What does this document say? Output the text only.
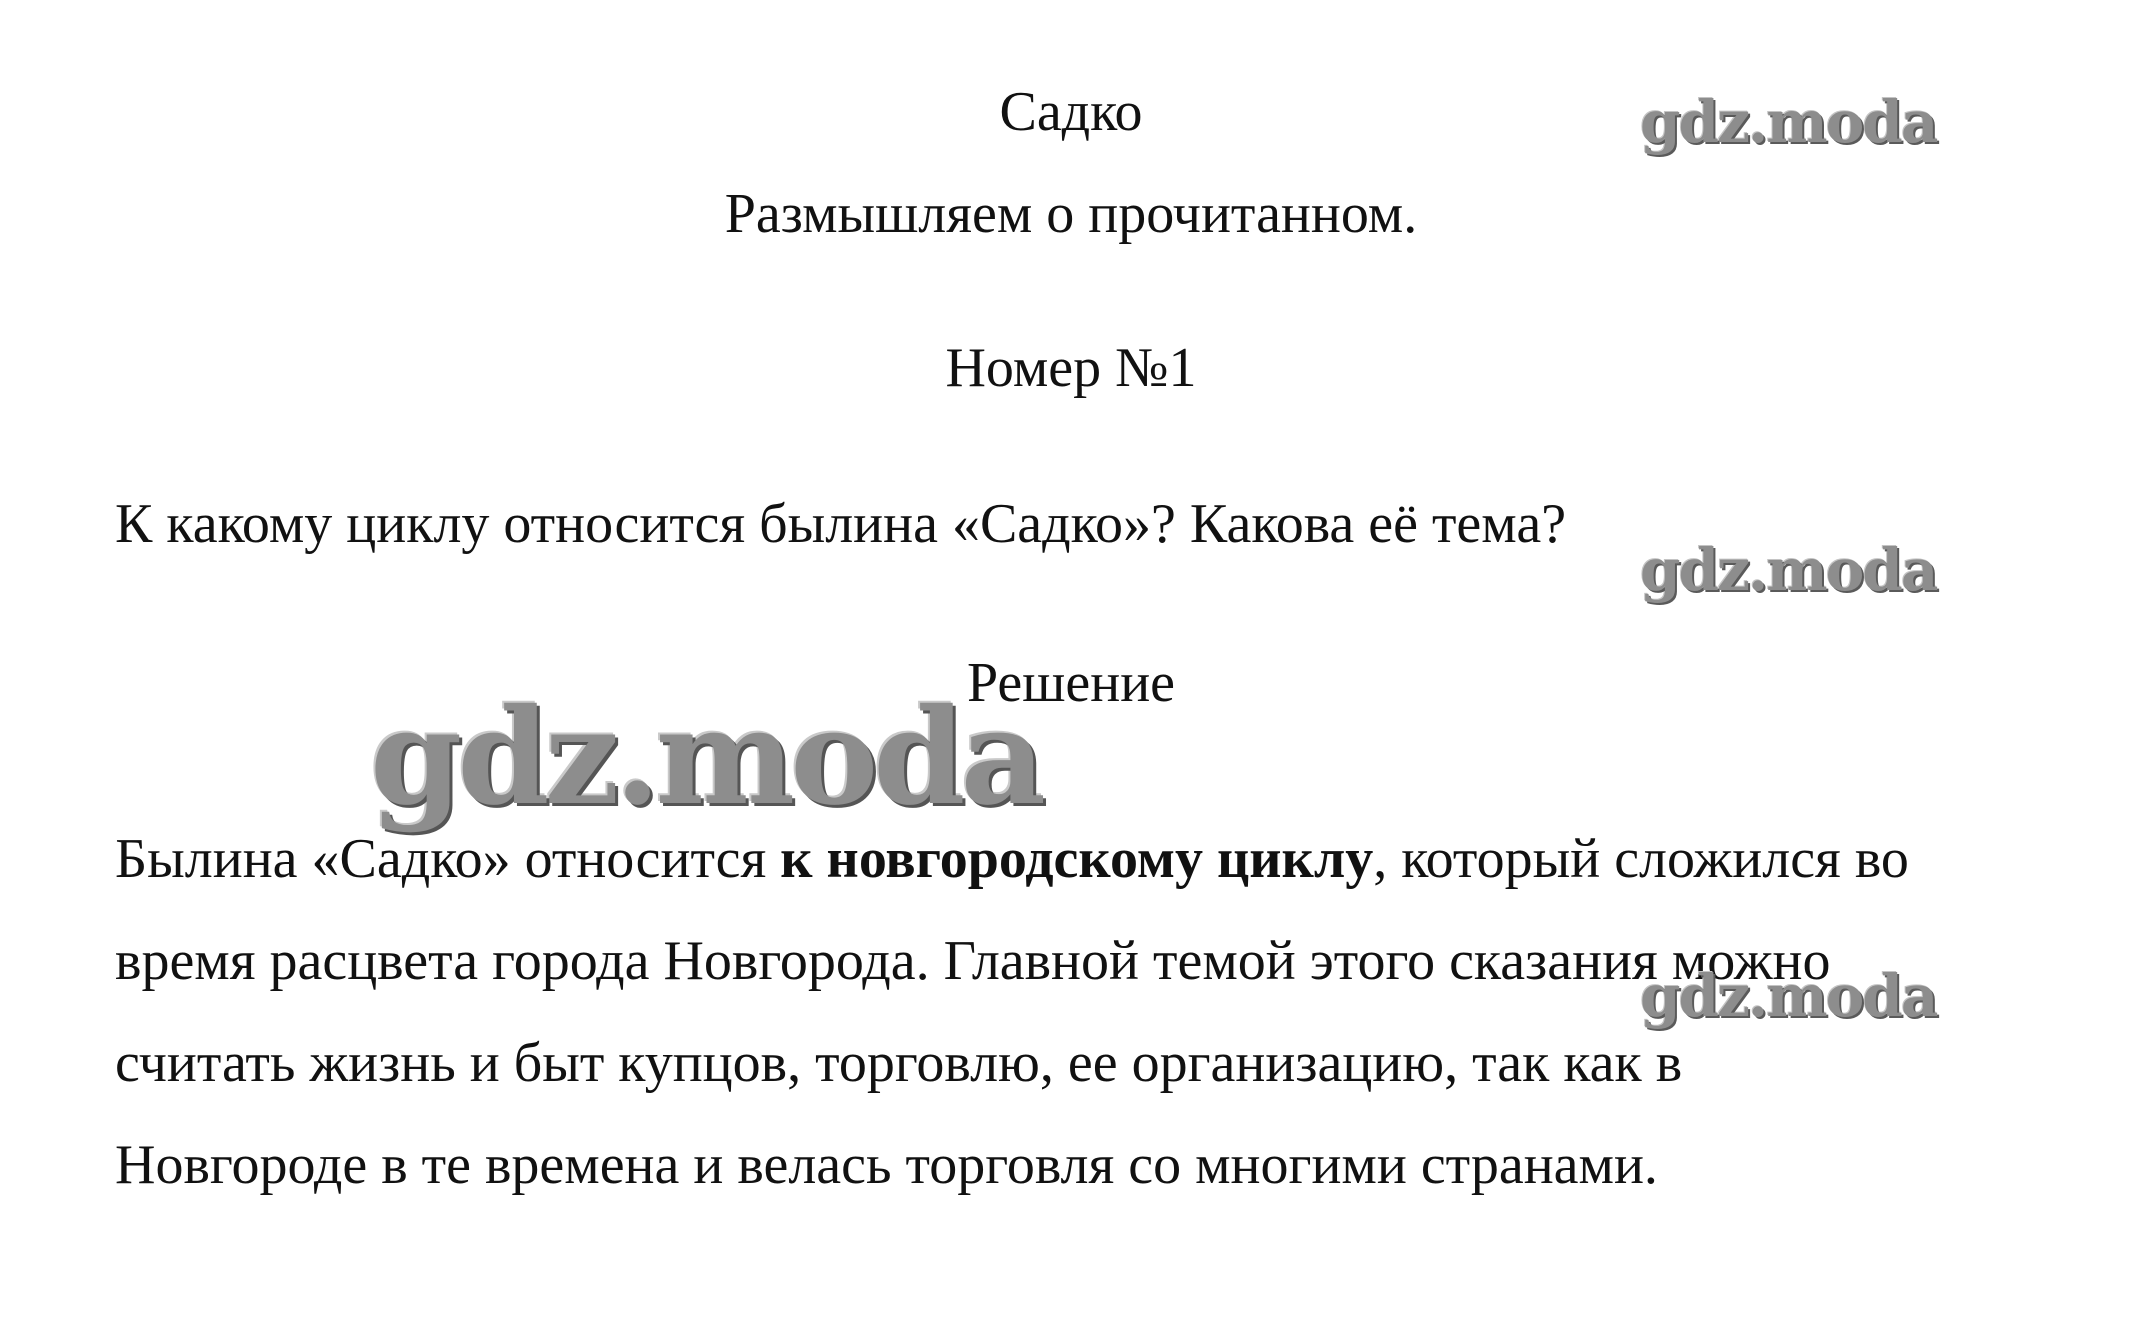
Садко
Размышляем о прочитанном.
Номер №1
К какому циклу относится былина «Садко»? Какова её тема?
Решение
Былина «Садко» относится к новгородскому циклу, который сложился во
время расцвета города Новгорода. Главной темой этого сказания можно
считать жизнь и быт купцов, торговлю, ее организацию, так как в
Новгороде в те времена и велась торговля со многими странами.
gdz.moda
gdz.moda
gdz.moda
gdz.moda
